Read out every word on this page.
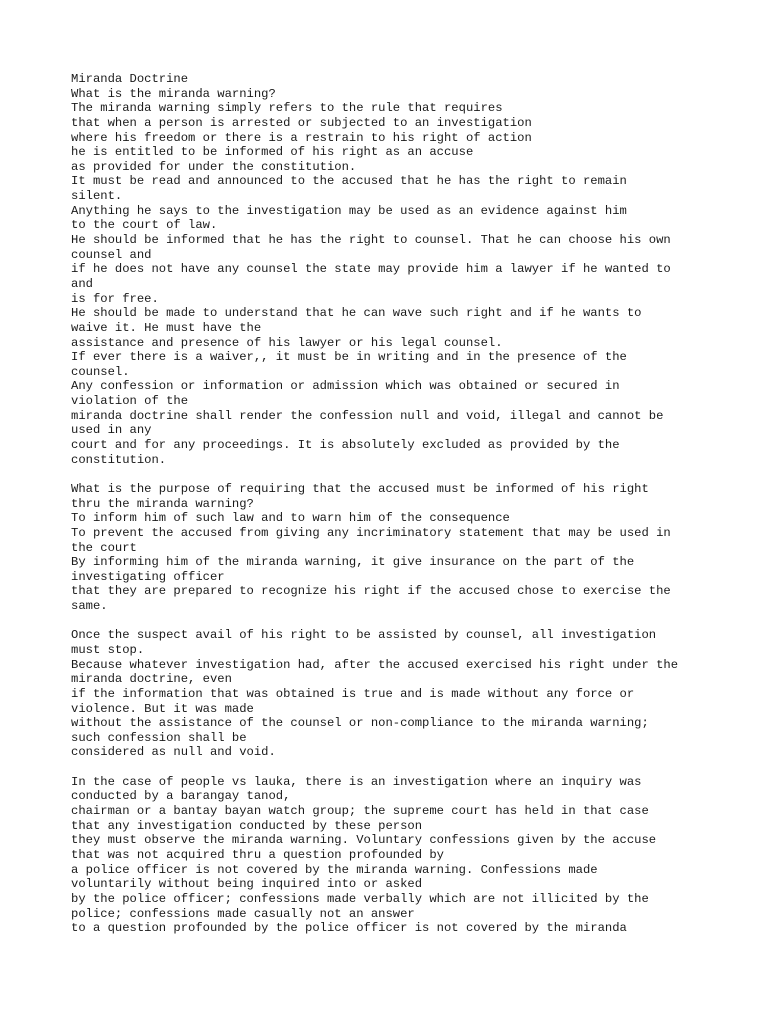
Miranda Doctrine
What is the miranda warning?
The miranda warning simply refers to the rule that requires
that when a person is arrested or subjected to an investigation
where his freedom or there is a restrain to his right of action
he is entitled to be informed of his right as an accuse
as provided for under the constitution.
It must be read and announced to the accused that he has the right to remain
silent.
Anything he says to the investigation may be used as an evidence against him
to the court of law.
He should be informed that he has the right to counsel. That he can choose his own
counsel and
if he does not have any counsel the state may provide him a lawyer if he wanted to
and
is for free.
He should be made to understand that he can wave such right and if he wants to
waive it. He must have the
assistance and presence of his lawyer or his legal counsel.
If ever there is a waiver,, it must be in writing and in the presence of the
counsel.
Any confession or information or admission which was obtained or secured in
violation of the
miranda doctrine shall render the confession null and void, illegal and cannot be
used in any
court and for any proceedings. It is absolutely excluded as provided by the
constitution.
What is the purpose of requiring that the accused must be informed of his right
thru the miranda warning?
To inform him of such law and to warn him of the consequence
To prevent the accused from giving any incriminatory statement that may be used in
the court
By informing him of the miranda warning, it give insurance on the part of the
investigating officer
that they are prepared to recognize his right if the accused chose to exercise the
same.
Once the suspect avail of his right to be assisted by counsel, all investigation
must stop.
Because whatever investigation had, after the accused exercised his right under the
miranda doctrine, even
if the information that was obtained is true and is made without any force or
violence. But it was made
without the assistance of the counsel or non-compliance to the miranda warning;
such confession shall be
considered as null and void.
In the case of people vs lauka, there is an investigation where an inquiry was
conducted by a barangay tanod,
chairman or a bantay bayan watch group; the supreme court has held in that case
that any investigation conducted by these person
they must observe the miranda warning. Voluntary confessions given by the accuse
that was not acquired thru a question profounded by
a police officer is not covered by the miranda warning. Confessions made
voluntarily without being inquired into or asked
by the police officer; confessions made verbally which are not illicited by the
police; confessions made casually not an answer
to a question profounded by the police officer is not covered by the miranda
